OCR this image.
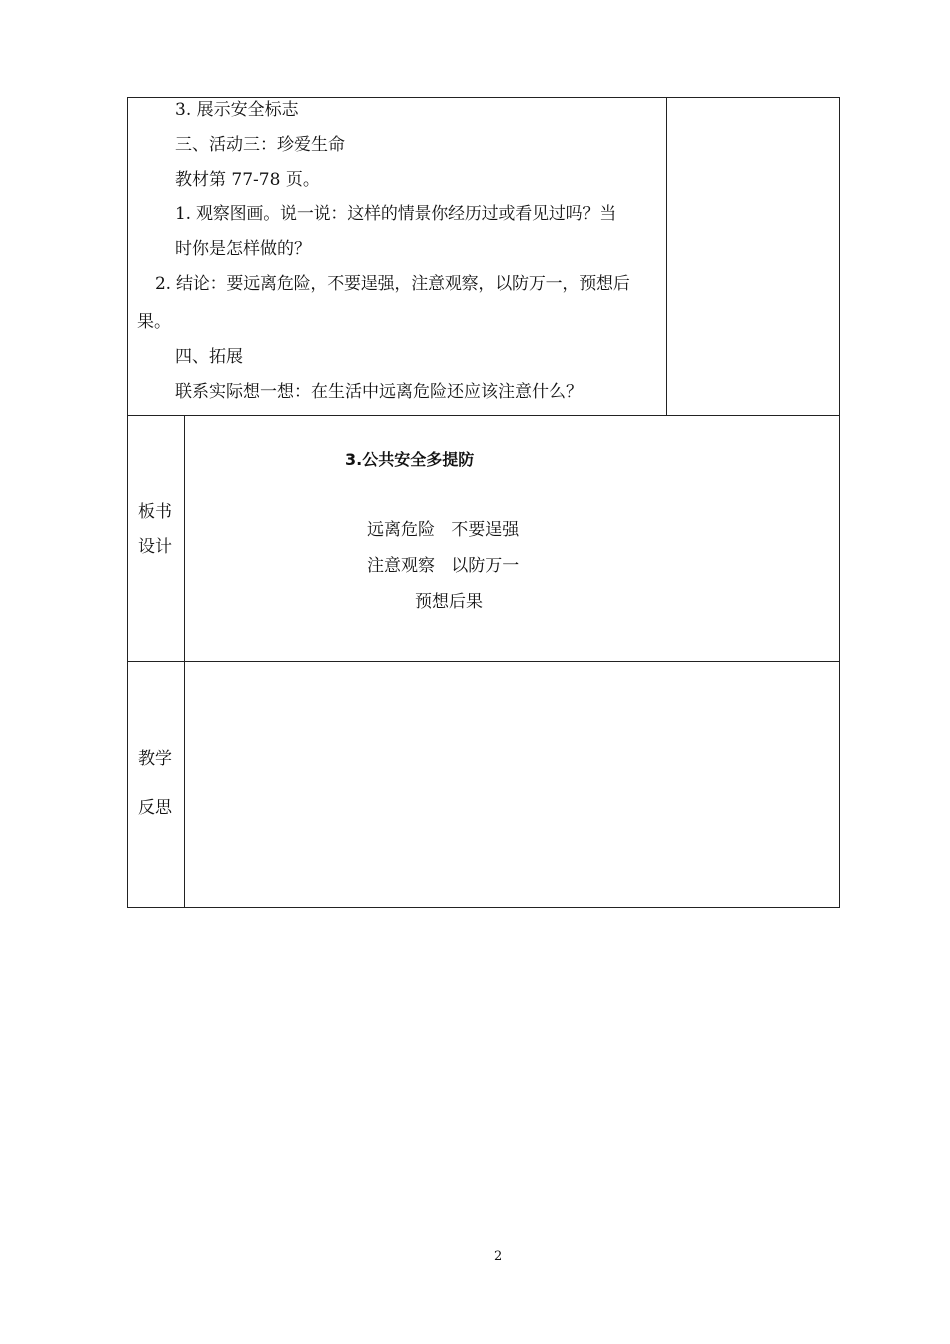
3. 展示安全标志
三、活动三：珍爱生命
教材第 77-78 页。
1. 观察图画。说一说：这样的情景你经历过或看见过吗？当
时你是怎样做的？
2. 结论：要远离危险，不要逞强，注意观察，以防万一，预想后
果。
四、拓展
联系实际想一想：在生活中远离危险还应该注意什么？
板书
设计
3.公共安全多提防
远离危险   不要逞强
注意观察   以防万一
预想后果
教学
反思
2
